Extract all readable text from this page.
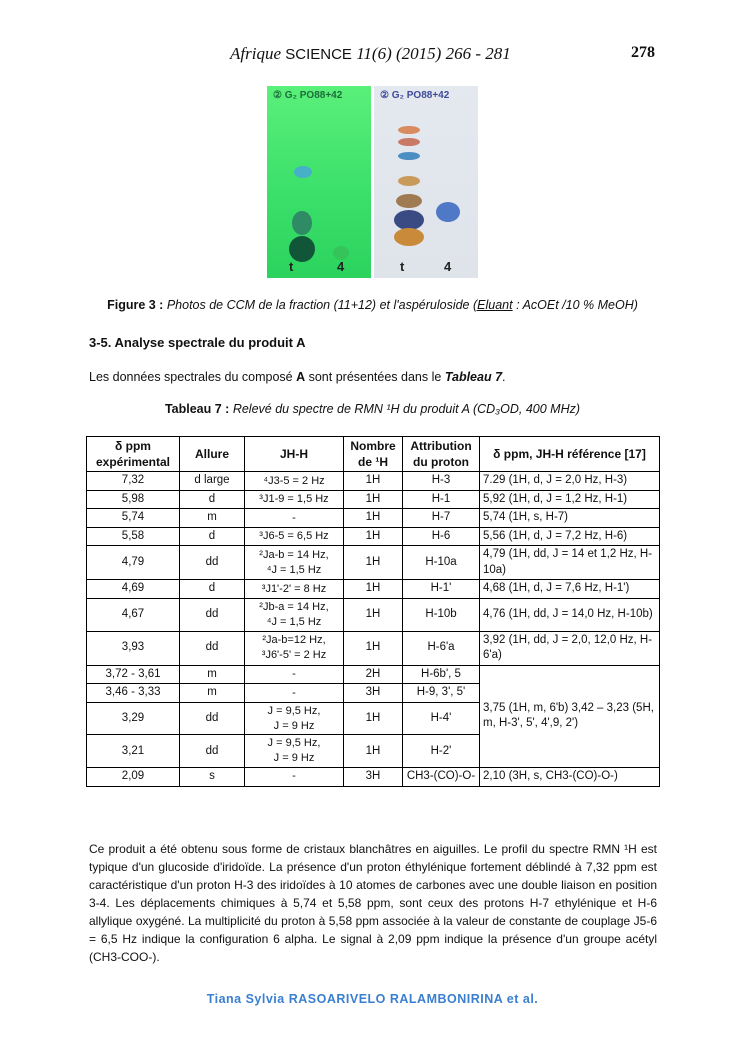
Afrique SCIENCE 11(6) (2015) 266 - 281	278
② G₂ PO88+42
t	4
② G₂ PO88+42
t	4
Figure 3 : Photos de CCM de la fraction (11+12) et l'aspéruloside (Eluant : AcOEt /10 % MeOH)
3-5. Analyse spectrale du produit A
Les données spectrales du composé A sont présentées dans le Tableau 7.
Tableau 7 : Relevé du spectre de RMN ¹H du produit A (CD₃OD, 400 MHz)
δ ppm expérimental	Allure	JH-H	Nombre de ¹H	Attribution du proton	δ ppm, JH-H référence [17]
7,32	d large	⁴J3-5 = 2 Hz	1H	H-3	7.29 (1H, d, J = 2,0 Hz, H-3)
5,98	d	³J1-9 = 1,5 Hz	1H	H-1	5,92 (1H, d, J = 1,2 Hz, H-1)
5,74	m	-	1H	H-7	5,74 (1H, s, H-7)
5,58	d	³J6-5 = 6,5 Hz	1H	H-6	5,56 (1H, d, J = 7,2 Hz, H-6)
4,79	dd	²Ja-b = 14 Hz,
⁴J = 1,5 Hz	1H	H-10a	4,79 (1H, dd, J = 14 et 1,2 Hz, H-10a)
4,69	d	³J1'-2' = 8 Hz	1H	H-1'	4,68 (1H, d, J = 7,6 Hz, H-1')
4,67	dd	²Jb-a = 14 Hz,
⁴J = 1,5 Hz	1H	H-10b	4,76 (1H, dd, J = 14,0 Hz, H-10b)
3,93	dd	²Ja-b=12 Hz,
³J6'-5' = 2 Hz	1H	H-6'a	3,92 (1H, dd, J = 2,0, 12,0 Hz, H-6'a)
3,72 - 3,61	m	-	2H	H-6b', 5	3,75 (1H, m, 6'b) 3,42 – 3,23 (5H, m, H-3', 5', 4',9, 2')
3,46 - 3,33	m	-	3H	H-9, 3', 5'	
3,29	dd	J = 9,5 Hz,
J = 9 Hz	1H	H-4'	
3,21	dd	J = 9,5 Hz,
J = 9 Hz	1H	H-2'	
2,09	s	-	3H	CH3-(CO)-O-	2,10 (3H, s, CH3-(CO)-O-)
Ce produit a été obtenu sous forme de cristaux blanchâtres en aiguilles. Le profil du spectre RMN ¹H est typique d'un glucoside d'iridoïde. La présence d'un proton éthylénique fortement déblindé à 7,32 ppm est caractéristique d'un proton H-3 des iridoïdes à 10 atomes de carbones avec une double liaison en position 3-4. Les déplacements chimiques à 5,74 et 5,58 ppm, sont ceux des protons H-7 ethylénique et H-6 allylique oxygéné. La multiplicité du proton à 5,58 ppm associée à la valeur de constante de couplage J5-6 = 6,5 Hz indique la configuration 6 alpha. Le signal à 2,09 ppm indique la présence d'un groupe acétyl (CH3-COO-).
Tiana Sylvia RASOARIVELO RALAMBONIRINA et al.
